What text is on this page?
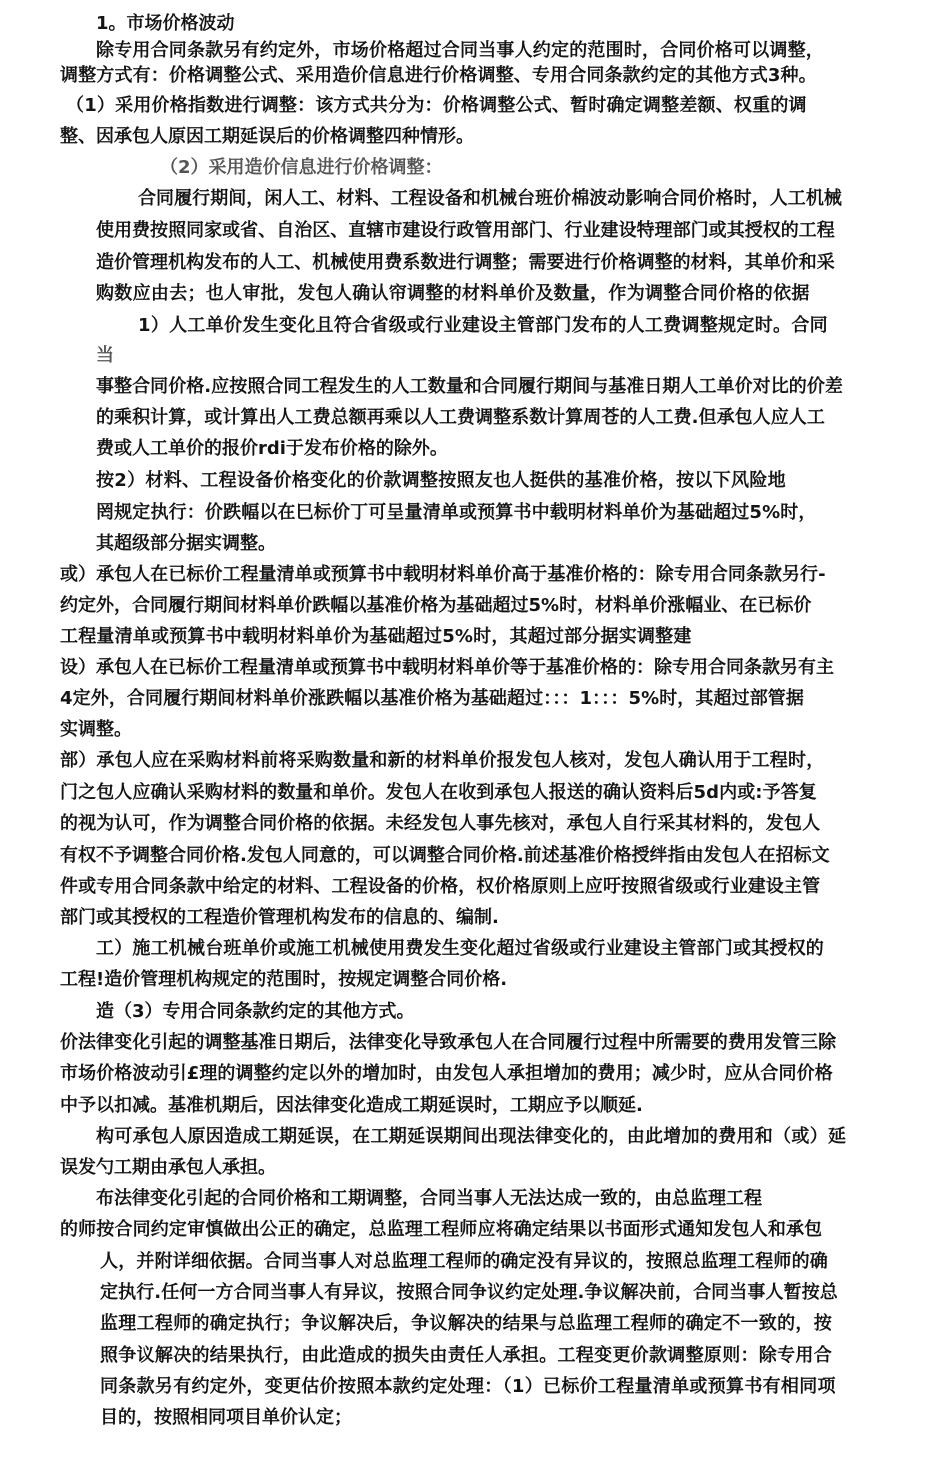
1。市场价格波动
除专用合同条款另有约定外，市场价格超过合同当事人约定的范围时，合同价格可以调整，
调整方式有：价格调整公式、采用造价信息进行价格调整、专用合同条款约定的其他方式3种。
（1）采用价格指数进行调整：该方式共分为：价格调整公式、暂时确定调整差额、权重的调
整、因承包人原因工期延误后的价格调整四种情形。
（2）采用造价信息进行价格调整：
合同履行期间，闲人工、材料、工程设备和机械台班价棉波动影响合同价格时，人工机械
使用费按照同家或省、自治区、直辖市建设行政管用部门、行业建设特理部门或其授权的工程
造价管理机构发布的人工、机械使用费系数进行调整；需要进行价格调整的材料，其单价和采
购数应由去；也人审批，发包人确认帘调整的材料单价及数量，作为调整合同价格的依据
1）人工单价发生变化且符合省级或行业建设主管部门发布的人工费调整规定时。合同
当
事整合同价格.应按照合同工程发生的人工数量和合同履行期间与基准日期人工单价对比的价差
的乘积计算，或计算出人工费总额再乘以人工费调整系数计算周苍的人工费.但承包人应人工
费或人工单价的报价rdi于发布价格的除外。
按2）材料、工程设备价格变化的价款调整按照友也人挺供的基准价格，按以下风险地
罔规定执行：价跌幅以在巳标价丁可呈量清单或预算书中载明材料单价为基础超过5%时，
其超级部分据实调整。
或）承包人在已标价工程量清单或预算书中载明材料单价高于基准价格的：除专用合同条款另行-
约定外，合同履行期间材料单价跌幅以基准价格为基础超过5%时，材料单价涨幅业、在已标价
工程量清单或预算书中载明材料单价为基础超过5%时，其超过部分据实调整建
设）承包人在已标价工程量清单或预算书中载明材料单价等于基准价格的：除专用合同条款另有主
4定外，合同履行期间材料单价涨跌幅以基准价格为基础超过：：：1：：：5%时，其超过部管据
实调整。
部）承包人应在采购材料前将采购数量和新的材料单价报发包人核对，发包人确认用于工程时，
门之包人应确认采购材料的数量和单价。发包人在收到承包人报送的确认资料后5d内或:予答复
的视为认可，作为调整合同价格的依据。未经发包人事先核对，承包人自行采其材料的，发包人
有权不予调整合同价格.发包人同意的，可以调整合同价格.前述基准价格授绊指由发包人在招标文
件或专用合同条款中给定的材料、工程设备的价格，权价格原则上应吁按照省级或行业建设主管
部门或其授权的工程造价管理机构发布的信息的、编制.
工）施工机械台班单价或施工机械使用费发生变化超过省级或行业建设主管部门或其授权的
工程!造价管理机构规定的范围时，按规定调整合同价格.
造（3）专用合同条款约定的其他方式。
价法律变化引起的调整基准日期后，法律变化导致承包人在合同履行过程中所需要的费用发管三除
市场价格波动引£理的调整约定以外的增加时，由发包人承担增加的费用；减少时，应从合同价格
中予以扣减。基准机期后，因法律变化造成工期延误时，工期应予以顺延.
构可承包人原因造成工期延误，在工期延误期间出现法律变化的，由此增加的费用和（或）延
误发勺工期由承包人承担。
布法律变化引起的合同价格和工期调整，合同当事人无法达成一致的，由总监理工程
的师按合同约定审慎做出公正的确定，总监理工程师应将确定结果以书面形式通知发包人和承包
人，并附详细依据。合同当事人对总监理工程师的确定没有异议的，按照总监理工程师的确
定执行.任何一方合同当事人有异议，按照合同争议约定处理.争议解决前，合同当事人暂按总
监理工程师的确定执行；争议解决后，争议解决的结果与总监理工程师的确定不一致的，按
照争议解决的结果执行，由此造成的损失由责任人承担。工程变更价款调整原则：除专用合
同条款另有约定外，变更估价按照本款约定处理：（1）已标价工程量清单或预算书有相同项
目的，按照相同项目单价认定；
